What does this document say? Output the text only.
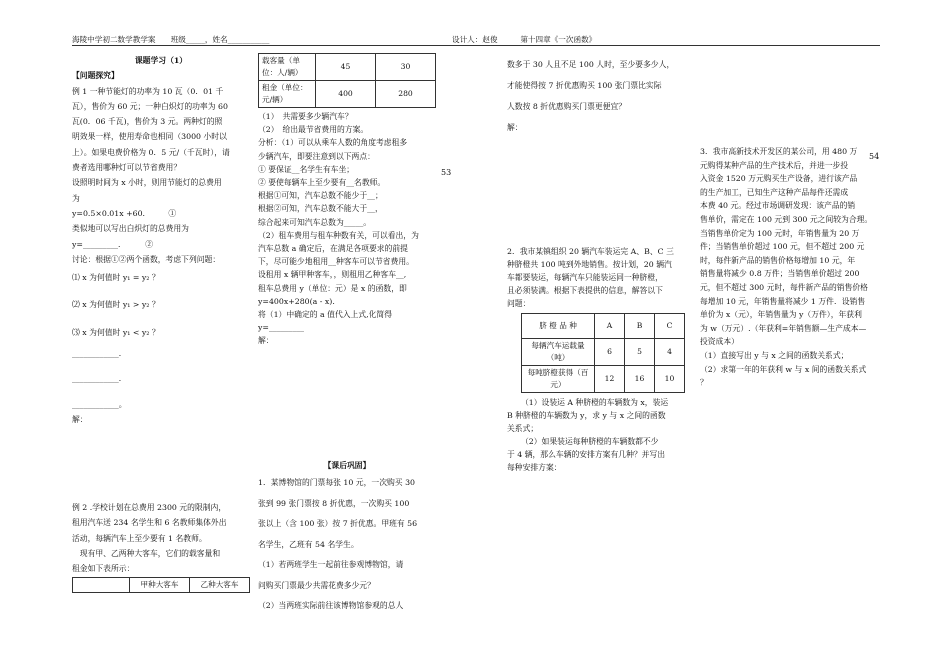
海陵中学初二数学教学案　　班级_____，姓名___________	设计人：赵俊　　　第十四章《一次函数》
53
54

课题学习（1）

【问题探究】

例 1 一种节能灯的功率为 10 瓦（0．01 千

瓦），售价为 60 元；一种白炽灯的功率为 60

瓦(0．06 千瓦)，售价为 3 元。两种灯的照

明效果一样，使用寿命也相同（3000 小时以

上）。如果电费价格为 0．5 元/（千瓦时），请

费者选用哪种灯可以节省费用？

设照明时间为 x 小时，则用节能灯的总费用

为

y=0.5×0.01x +60.　　　①

类似地可以写出白炽灯的总费用为

y=_________．　　　②

讨论：根据①②两个函数，考虑下列问题：

⑴ x 为何值时 y₁ = y₂ ？

⑵ x 为何值时 y₁ > y₂ ？

⑶ x 为何值时 y₁ < y₂ ？

____________．

____________．

____________。

解：

例 2 .学校计划在总费用 2300 元的限制内，

租用汽车送 234 名学生和 6 名教师集体外出

活动，每辆汽车上至少要有 1 名教师。

　现有甲、乙两种大客车，它们的载客量和

租金如下表所示：

	甲种大客车	乙种大客车
载客量（单位：人/辆）	45	30
租金（单位：元/辆）	400	280

（1）　共需要多少辆汽车？

（2）　给出最节省费用的方案。

分析：（1）可以从乘车人数的角度考虑租多

少辆汽车，即要注意到以下两点：

① 要保证__名学生有车坐；

② 要使每辆车上至少要有__名教师。

根据①可知，汽车总数不能少于__；

根据②可知，汽车总数不能大于__，

综合起来可知汽车总数为_____。

（2）租车费用与租车种数有关，可以看出，为

汽车总数 a 确定后，在满足各项要求的前提

下，尽可能少地租用__种客车可以节省费用。

设租用 x 辆甲种客车，，则租用乙种客车__,

租车总费用 y（单位：元）是 x 的函数，即

y=400x+280(a - x).

将（1）中确定的 a 值代入上式,化简得

y=_________

解：

【课后巩固】

1．某博物馆的门票每张 10 元，一次购买 30

张到 99 张门票按 8 折优惠，一次购买 100

张以上（含 100 张）按 7 折优惠。甲班有 56

名学生，乙班有 54 名学生。

（1）若两班学生一起前往参观博物馆，请

问购买门票最少共需花费多少元？

（2）当两班实际前往该博物馆参观的总人

数多于 30 人且不足 100 人时，至少要多少人，

才能使得按 7 折优惠购买 100 张门票比实际

人数按 8 折优惠购买门票更便宜？

解：

2．我市某镇组织 20 辆汽车装运完 A、B、C 三

种脐橙共 100 吨到外地销售。按计划，20 辆汽

车都要装运，每辆汽车只能装运同一种脐橙，

且必须装满。根据下表提供的信息，解答以下

问题：

脐 橙 品 种	A	B	C
每辆汽车运载量（吨）	6	5	4
每吨脐橙获得（百元）	12	16	10

（1）设装运 A 种脐橙的车辆数为 x，装运

B 种脐橙的车辆数为 y，求 y 与 x 之间的函数

关系式；

（2）如果装运每种脐橙的车辆数都不少

于 4 辆，那么车辆的安排方案有几种？并写出

每种安排方案：

3．我市高新技术开发区的某公司，用 480 万

元购得某种产品的生产技术后，并进一步投

入资金 1520 万元购买生产设备，进行该产品

的生产加工，已知生产这种产品每件还需成

本费 40 元。经过市场调研发现：该产品的销

售单价，需定在 100 元到 300 元之间较为合理。

当销售单价定为 100 元时，年销售量为 20 万

件；当销售单价超过 100 元，但不超过 200 元

时，每件新产品的销售价格每增加 10 元，年

销售量将减少 0.8 万件；当销售单价超过 200

元，但不超过 300 元时，每件新产品的销售价格

每增加 10 元，年销售量将减少 1 万件．设销售

单价为 x（元），年销售量为 y（万件），年获利

为 w（万元）.（年获利=年销售额—生产成本—

投资成本）

（1）直接写出 y 与 x 之间的函数关系式；

（2）求第一年的年获利 w 与 x 间的函数关系式

？
